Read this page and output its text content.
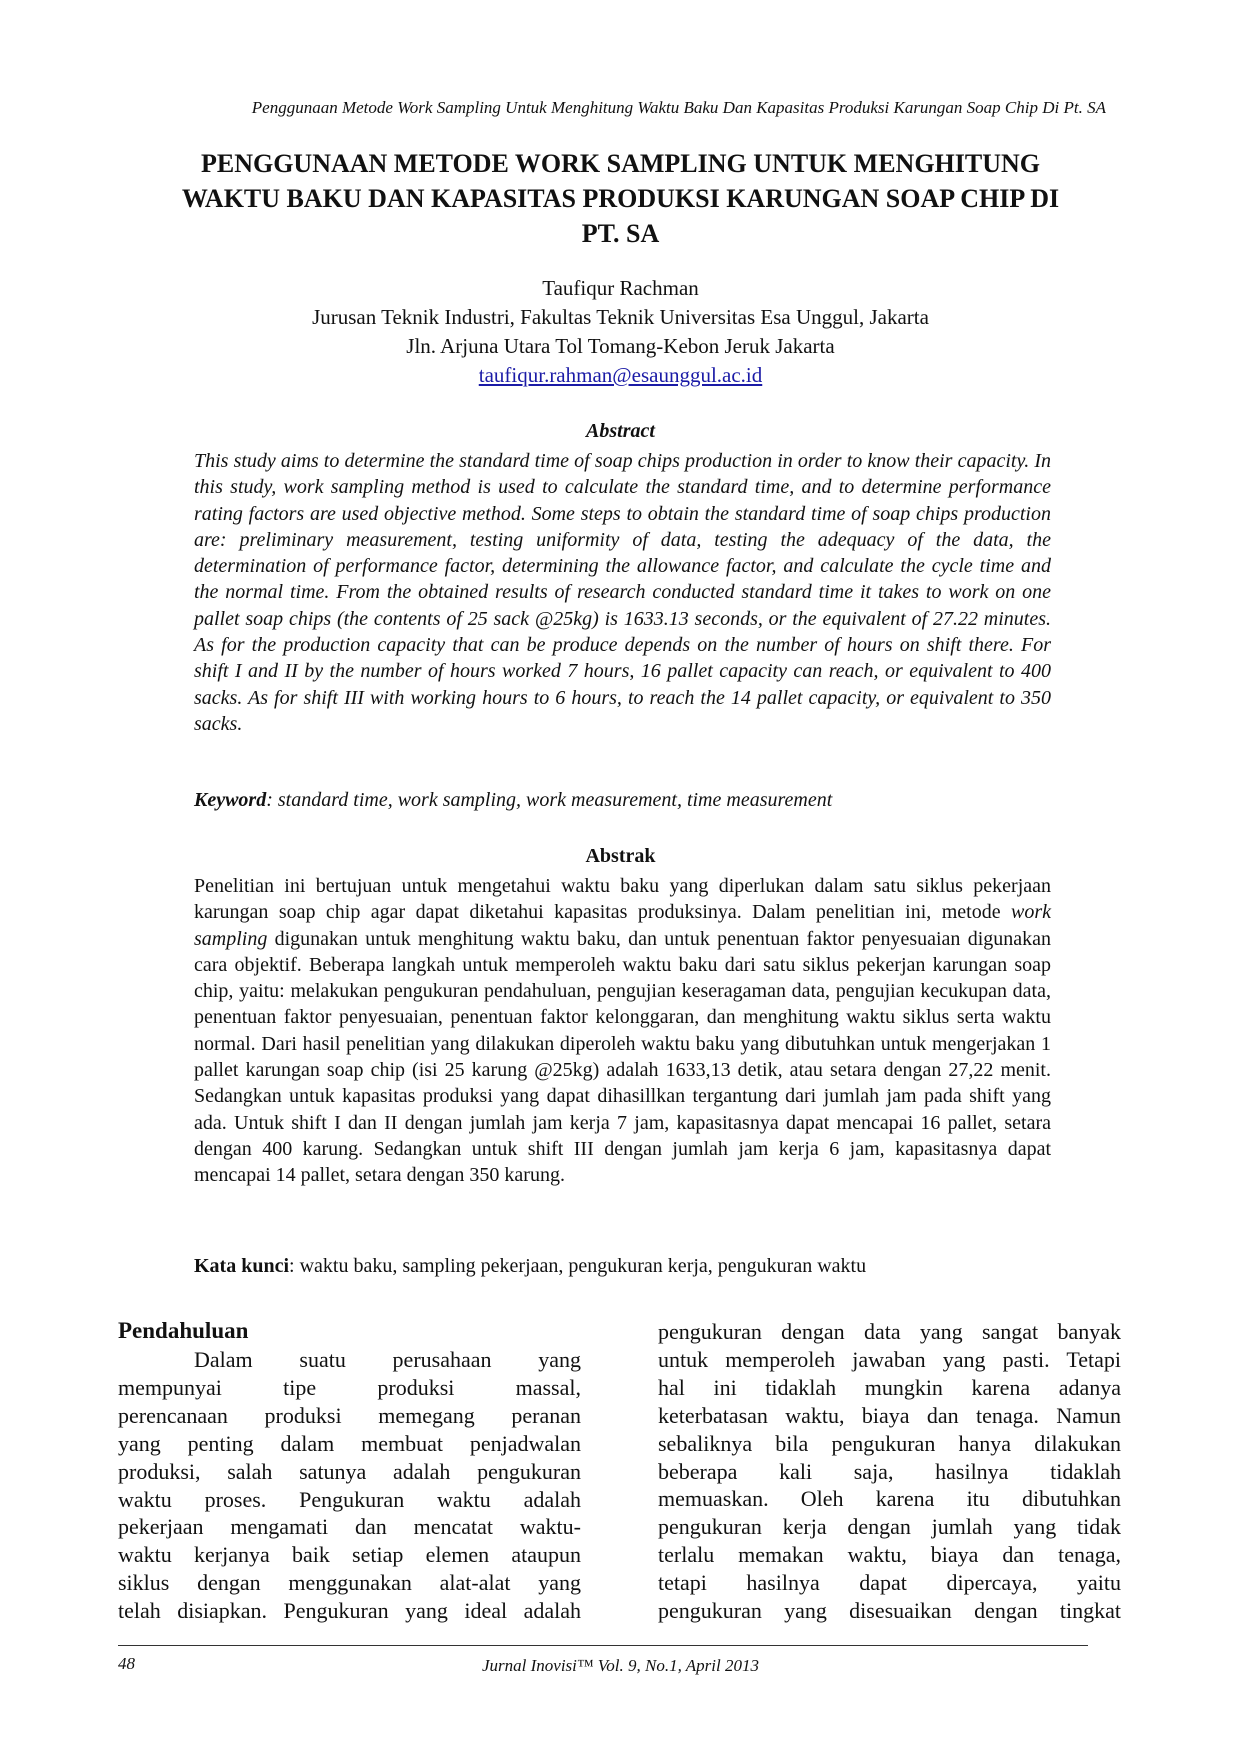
Penggunaan Metode Work Sampling Untuk Menghitung Waktu Baku Dan Kapasitas Produksi Karungan Soap Chip Di Pt. SA
PENGGUNAAN METODE WORK SAMPLING UNTUK MENGHITUNG
WAKTU BAKU DAN KAPASITAS PRODUKSI KARUNGAN SOAP CHIP DI
PT. SA
Taufiqur Rachman
Jurusan Teknik Industri, Fakultas Teknik Universitas Esa Unggul, Jakarta
Jln. Arjuna Utara Tol Tomang-Kebon Jeruk Jakarta
taufiqur.rahman@esaunggul.ac.id
Abstract
This study aims to determine the standard time of soap chips production in order to know their capacity. In this study, work sampling method is used to calculate the standard time, and to determine performance rating factors are used objective method. Some steps to obtain the standard time of soap chips production are: preliminary measurement, testing uniformity of data, testing the adequacy of the data, the determination of performance factor, determining the allowance factor, and calculate the cycle time and the normal time. From the obtained results of research conducted standard time it takes to work on one pallet soap chips (the contents of 25 sack @25kg) is 1633.13 seconds, or the equivalent of 27.22 minutes. As for the production capacity that can be produce depends on the number of hours on shift there. For shift I and II by the number of hours worked 7 hours, 16 pallet capacity can reach, or equivalent to 400 sacks. As for shift III with working hours to 6 hours, to reach the 14 pallet capacity, or equivalent to 350 sacks.
Keyword: standard time, work sampling, work measurement, time measurement
Abstrak
Penelitian ini bertujuan untuk mengetahui waktu baku yang diperlukan dalam satu siklus pekerjaan karungan soap chip agar dapat diketahui kapasitas produksinya. Dalam penelitian ini, metode work sampling digunakan untuk menghitung waktu baku, dan untuk penentuan faktor penyesuaian digunakan cara objektif. Beberapa langkah untuk memperoleh waktu baku dari satu siklus pekerjan karungan soap chip, yaitu: melakukan pengukuran pendahuluan, pengujian keseragaman data, pengujian kecukupan data, penentuan faktor penyesuaian, penentuan faktor kelonggaran, dan menghitung waktu siklus serta waktu normal. Dari hasil penelitian yang dilakukan diperoleh waktu baku yang dibutuhkan untuk mengerjakan 1 pallet karungan soap chip (isi 25 karung @25kg) adalah 1633,13 detik, atau setara dengan 27,22 menit. Sedangkan untuk kapasitas produksi yang dapat dihasillkan tergantung dari jumlah jam pada shift yang ada. Untuk shift I dan II dengan jumlah jam kerja 7 jam, kapasitasnya dapat mencapai 16 pallet, setara dengan 400 karung. Sedangkan untuk shift III dengan jumlah jam kerja 6 jam, kapasitasnya dapat mencapai 14 pallet, setara dengan 350 karung.
Kata kunci: waktu baku, sampling pekerjaan, pengukuran kerja, pengukuran waktu
Pendahuluan
Dalam suatu perusahaan yang
mempunyai tipe produksi massal,
perencanaan produksi memegang peranan
yang penting dalam membuat penjadwalan
produksi, salah satunya adalah pengukuran
waktu proses. Pengukuran waktu adalah
pekerjaan mengamati dan mencatat waktu-
waktu kerjanya baik setiap elemen ataupun
siklus dengan menggunakan alat-alat yang
telah disiapkan. Pengukuran yang ideal adalah
pengukuran dengan data yang sangat banyak
untuk memperoleh jawaban yang pasti. Tetapi
hal ini tidaklah mungkin karena adanya
keterbatasan waktu, biaya dan tenaga. Namun
sebaliknya bila pengukuran hanya dilakukan
beberapa kali saja, hasilnya tidaklah
memuaskan. Oleh karena itu dibutuhkan
pengukuran kerja dengan jumlah yang tidak
terlalu memakan waktu, biaya dan tenaga,
tetapi hasilnya dapat dipercaya, yaitu
pengukuran yang disesuaikan dengan tingkat
48	Jurnal Inovisi™ Vol. 9, No.1, April 2013
